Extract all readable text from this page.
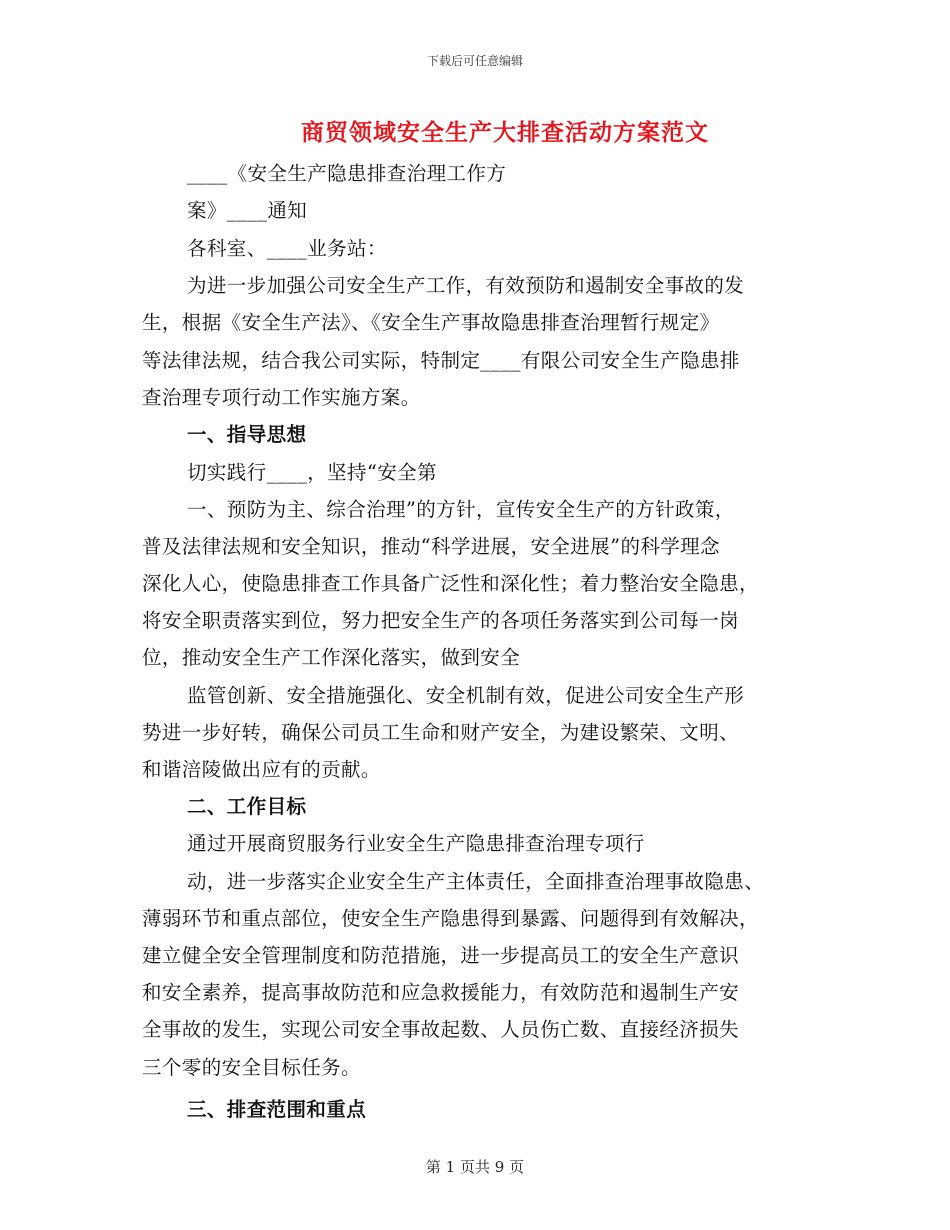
下载后可任意编辑
商贸领域安全生产大排查活动方案范文
____《安全生产隐患排查治理工作方
案》____通知
各科室、____业务站：
为进一步加强公司安全生产工作，有效预防和遏制安全事故的发
生，根据《安全生产法》、《安全生产事故隐患排查治理暂行规定》
等法律法规，结合我公司实际，特制定____有限公司安全生产隐患排
查治理专项行动工作实施方案。
一、指导思想
切实践行____，坚持“安全第
一、预防为主、综合治理”的方针，宣传安全生产的方针政策，
普及法律法规和安全知识，推动“科学进展，安全进展”的科学理念
深化人心，使隐患排查工作具备广泛性和深化性；着力整治安全隐患，
将安全职责落实到位，努力把安全生产的各项任务落实到公司每一岗
位，推动安全生产工作深化落实，做到安全
监管创新、安全措施强化、安全机制有效，促进公司安全生产形
势进一步好转，确保公司员工生命和财产安全，为建设繁荣、文明、
和谐涪陵做出应有的贡献。
二、工作目标
通过开展商贸服务行业安全生产隐患排查治理专项行
动，进一步落实企业安全生产主体责任，全面排查治理事故隐患、
薄弱环节和重点部位，使安全生产隐患得到暴露、问题得到有效解决，
建立健全安全管理制度和防范措施，进一步提高员工的安全生产意识
和安全素养，提高事故防范和应急救援能力，有效防范和遏制生产安
全事故的发生，实现公司安全事故起数、人员伤亡数、直接经济损失
三个零的安全目标任务。
三、排查范围和重点
第 1 页共 9 页
